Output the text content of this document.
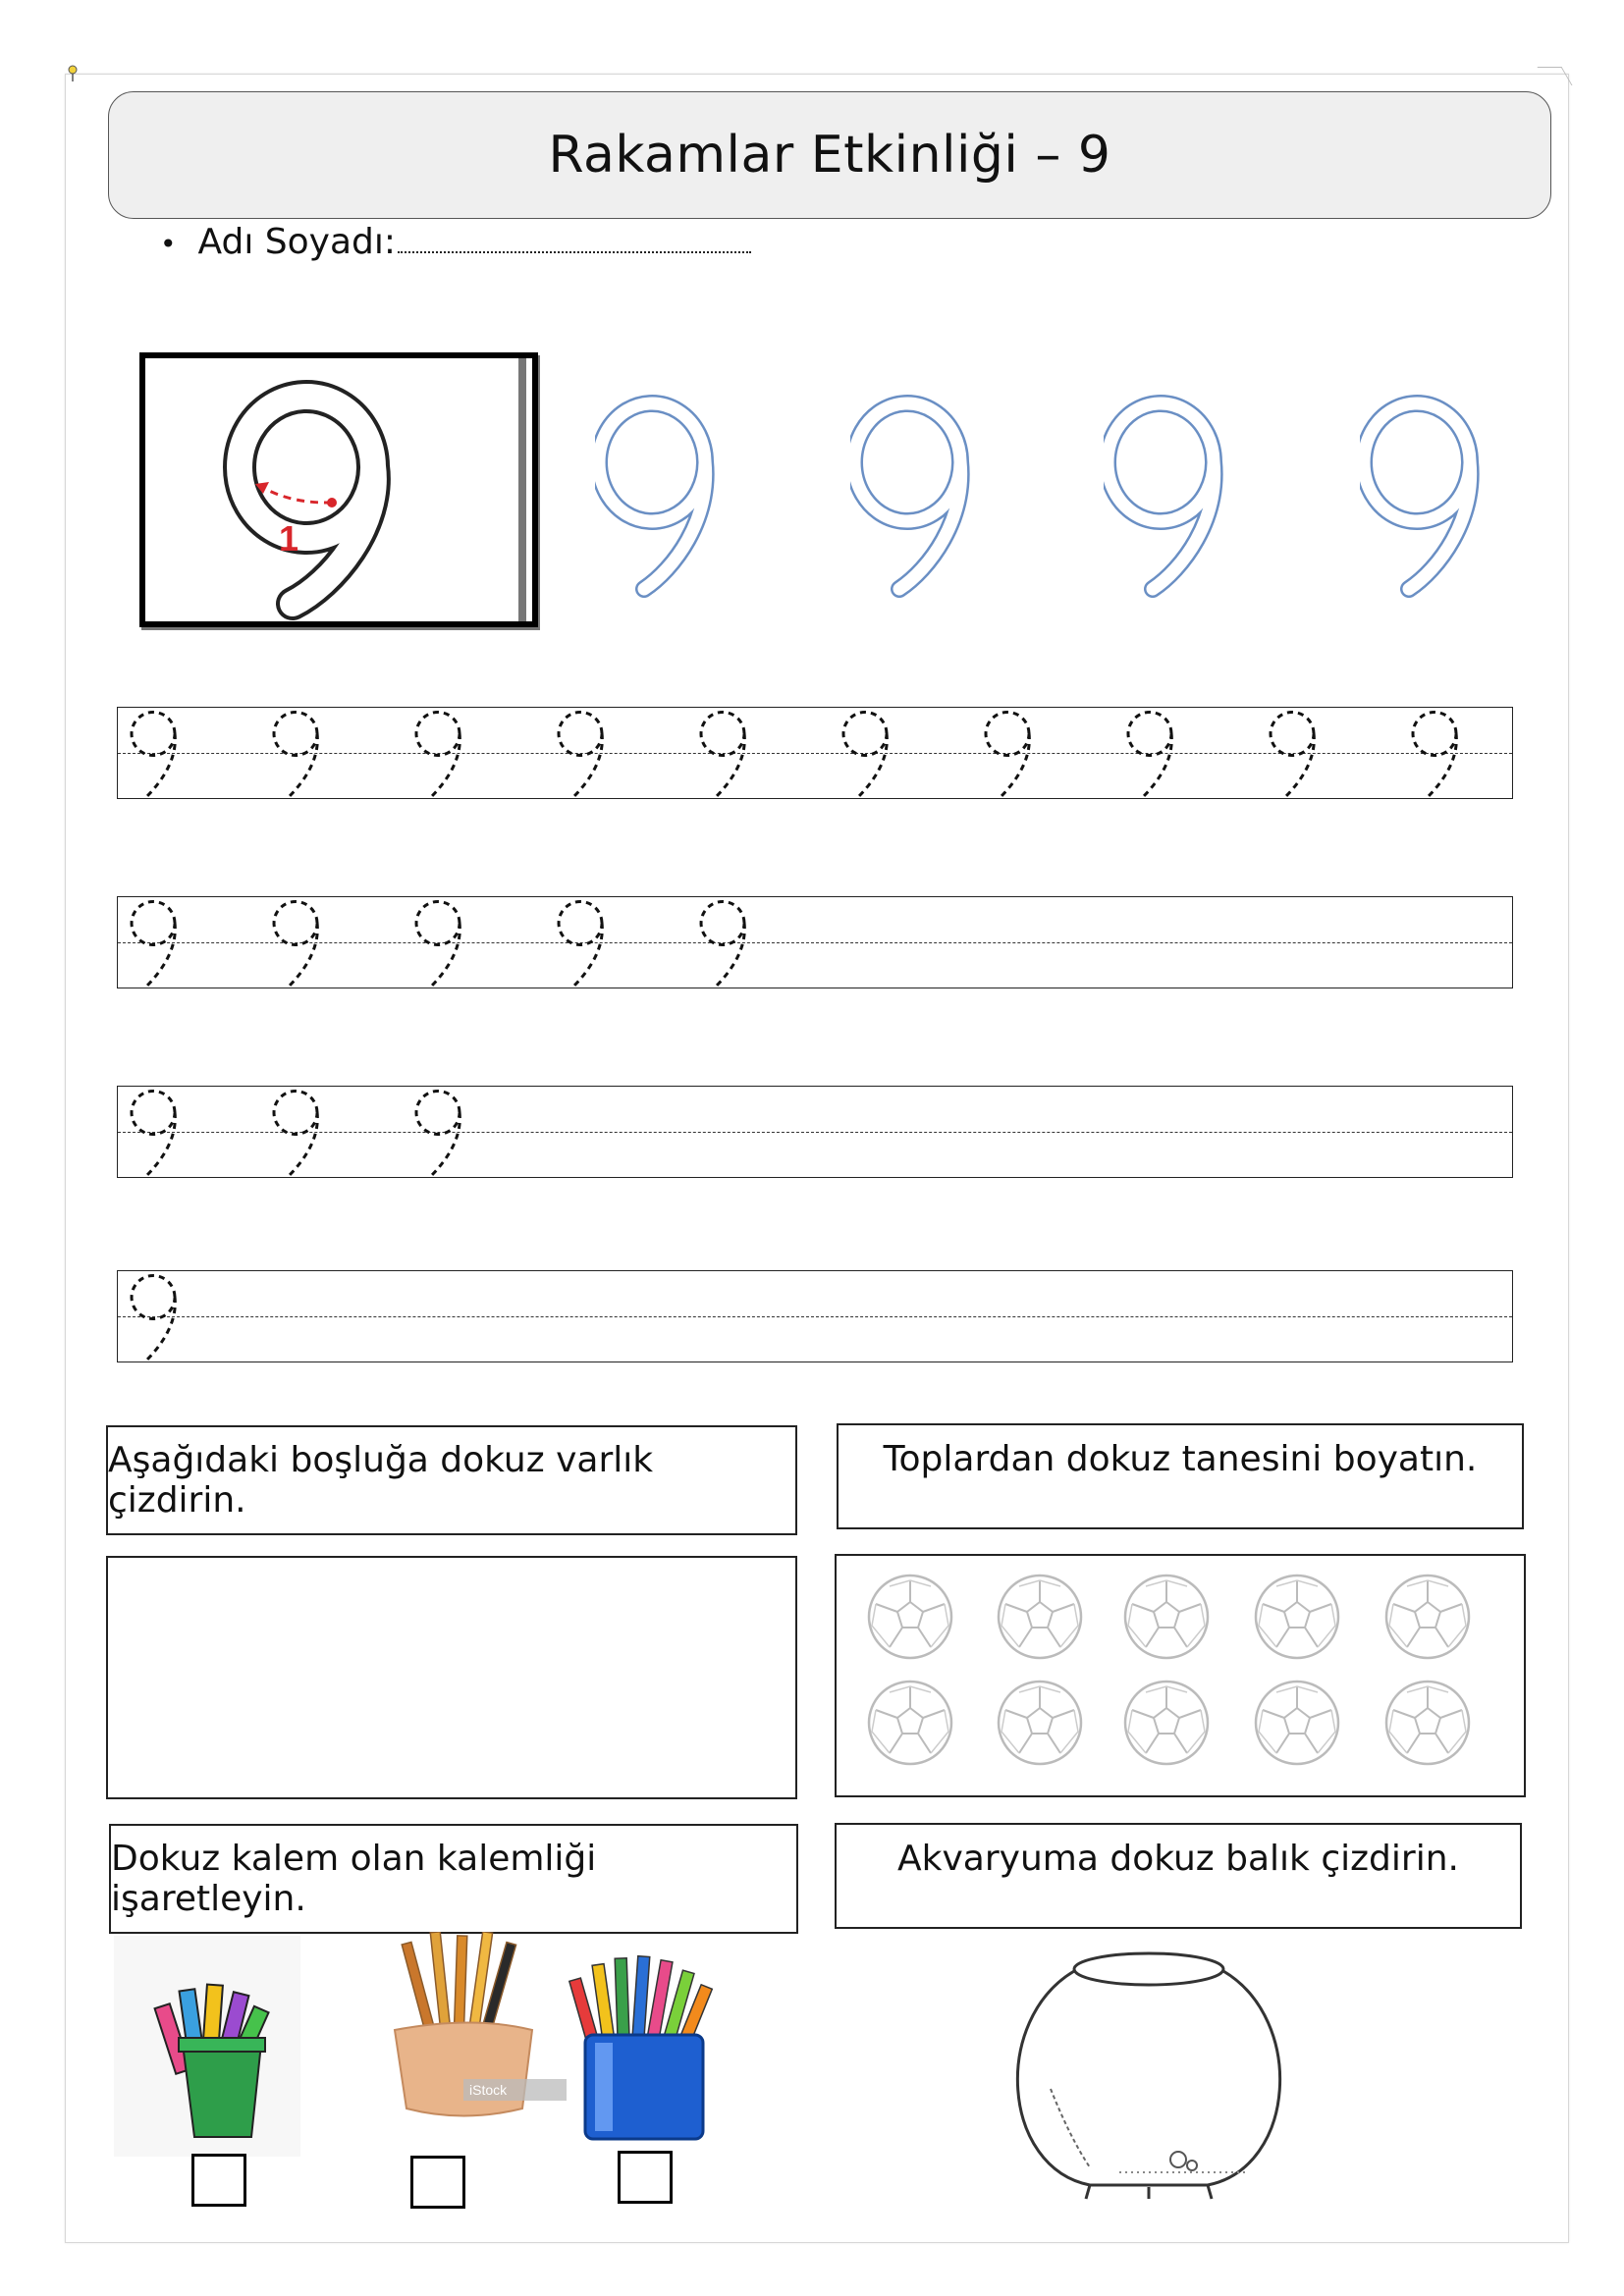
Rakamlar Etkinliği – 9
• Adı Soyadı:
1
Aşağıdaki boşluğa dokuz varlık çizdirin.
Toplardan dokuz tanesini boyatın.
Dokuz kalem olan kalemliği işaretleyin.
Akvaryuma dokuz balık çizdirin.
iStock
